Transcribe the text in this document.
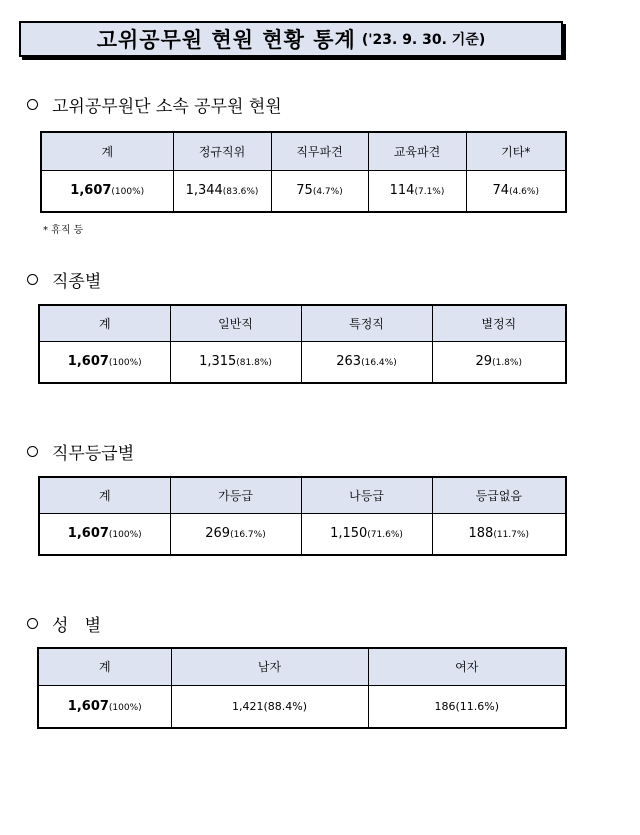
고위공무원 현원 현황 통계 ('23. 9. 30. 기준)
고위공무원단 소속 공무원 현원
계	정규직위	직무파견	교육파견	기타*
1,607(100%)	1,344(83.6%)	75(4.7%)	114(7.1%)	74(4.6%)
* 휴직 등
직종별
계	일반직	특정직	별정직
1,607(100%)	1,315(81.8%)	263(16.4%)	29(1.8%)
직무등급별
계	가등급	나등급	등급없음
1,607(100%)	269(16.7%)	1,150(71.6%)	188(11.7%)
성   별
계	남자	여자
1,607(100%)	1,421(88.4%)	186(11.6%)
